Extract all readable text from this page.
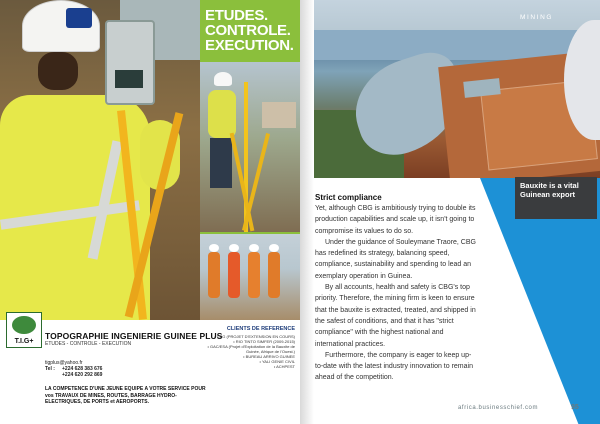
ETUDES. CONTROLE. EXECUTION.
T.I.G+
TOPOGRAPHIE INGENIERIE GUINEE PLUS
ETUDES - CONTROLE - EXECUTION
tigplus@yahoo.fr
Tel : +224 628 383 676
+224 620 292 869
LA COMPETENCE D'UNE JEUNE EQUIPE A VOTRE SERVICE POUR vos TRAVAUX DE MINES, ROUTES, BARRAGE HYDRO-ELECTRIQUES, DE PORTS et AEROPORTS.
CLIENTS DE REFERENCE
• CBG (PROJET D'EXTENSION EN COURS)
• RIO TINTO SIMFER (2009-2015)
• GAC/ESA (Projet d'Exploitation de la Bauxite de Guinée, Afrique de l'Ouest.)
• BUREAU ARRIVO GUINEE
• YALI GENIE CIVIL
• ACHPEST
MINING
Bauxite is a vital Guinean export
Strict compliance

Yet, although CBG is ambitiously trying to double its production capabilities and scale up, it isn't going to compromise its values to do so.

Under the guidance of Souleymane Traore, CBG has redefined its strategy, balancing speed, compliance, sustainability and spending to lead an exemplary operation in Guinea.

By all accounts, health and safety is CBG's top priority. Therefore, the mining firm is keen to ensure that the bauxite is extracted, treated, and shipped in the safest of conditions, and that it has "strict compliance" with the highest national and international practices.

Furthermore, the company is eager to keep up-to-date with the latest industry innovation to remain ahead of the competition.

africa.businesschief.com	95
